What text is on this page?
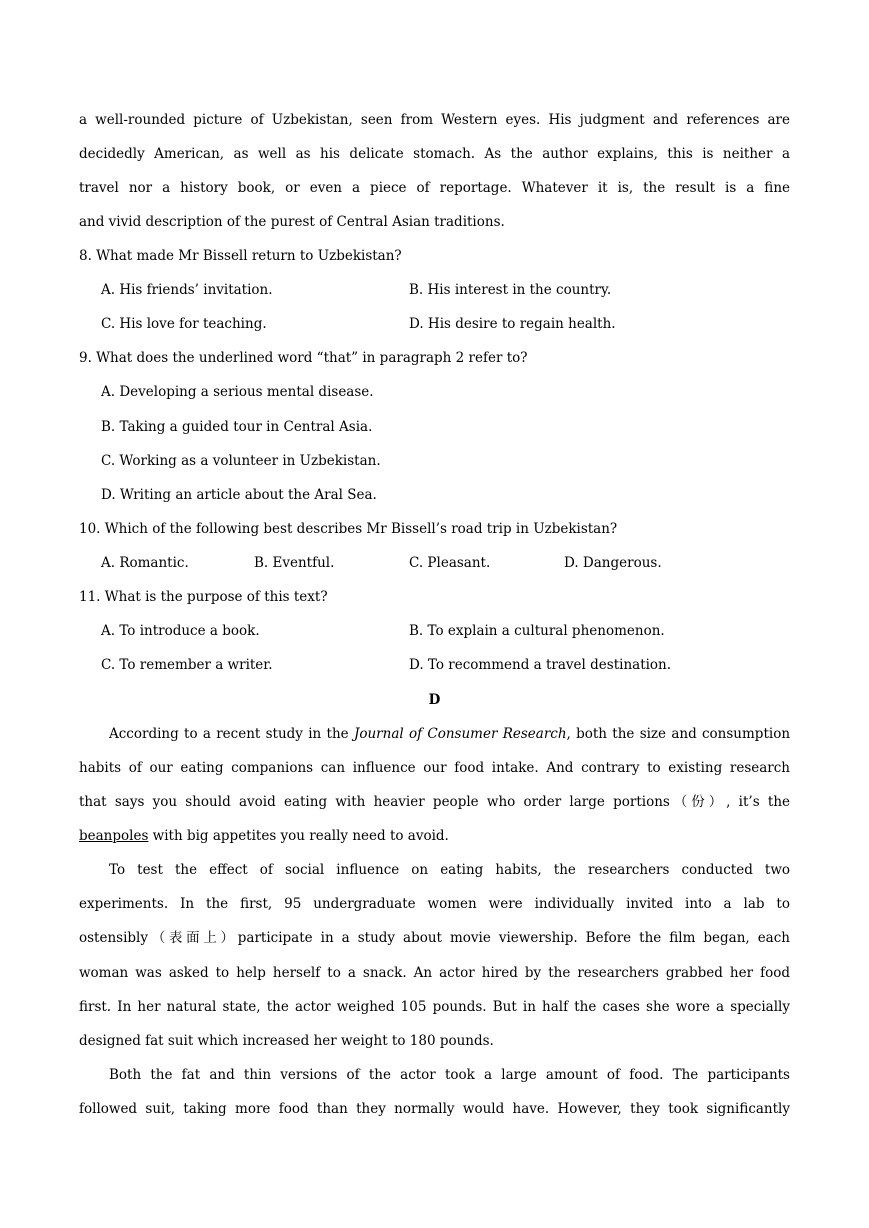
a well-rounded picture of Uzbekistan, seen from Western eyes. His judgment and references are
decidedly American, as well as his delicate stomach. As the author explains, this is neither a
travel nor a history book, or even a piece of reportage. Whatever it is, the result is a fine
and vivid description of the purest of Central Asian traditions.
8. What made Mr Bissell return to Uzbekistan?
A. His friends’ invitation.	B. His interest in the country.
C. His love for teaching.	D. His desire to regain health.
9. What does the underlined word “that” in paragraph 2 refer to?
A. Developing a serious mental disease.
B. Taking a guided tour in Central Asia.
C. Working as a volunteer in Uzbekistan.
D. Writing an article about the Aral Sea.
10. Which of the following best describes Mr Bissell’s road trip in Uzbekistan?
A. Romantic.	B. Eventful.	C. Pleasant.	D. Dangerous.
11. What is the purpose of this text?
A. To introduce a book.	B. To explain a cultural phenomenon.
C. To remember a writer.	D. To recommend a travel destination.
D
According to a recent study in the Journal of Consumer Research, both the size and consumption
habits of our eating companions can influence our food intake. And contrary to existing research
that says you should avoid eating with heavier people who order large portions（份）, it’s the
beanpoles with big appetites you really need to avoid.
To test the effect of social influence on eating habits, the researchers conducted two
experiments. In the first, 95 undergraduate women were individually invited into a lab to
ostensibly（表面上）participate in a study about movie viewership. Before the film began, each
woman was asked to help herself to a snack. An actor hired by the researchers grabbed her food
first. In her natural state, the actor weighed 105 pounds. But in half the cases she wore a specially
designed fat suit which increased her weight to 180 pounds.
Both the fat and thin versions of the actor took a large amount of food. The participants
followed suit, taking more food than they normally would have. However, they took significantly
